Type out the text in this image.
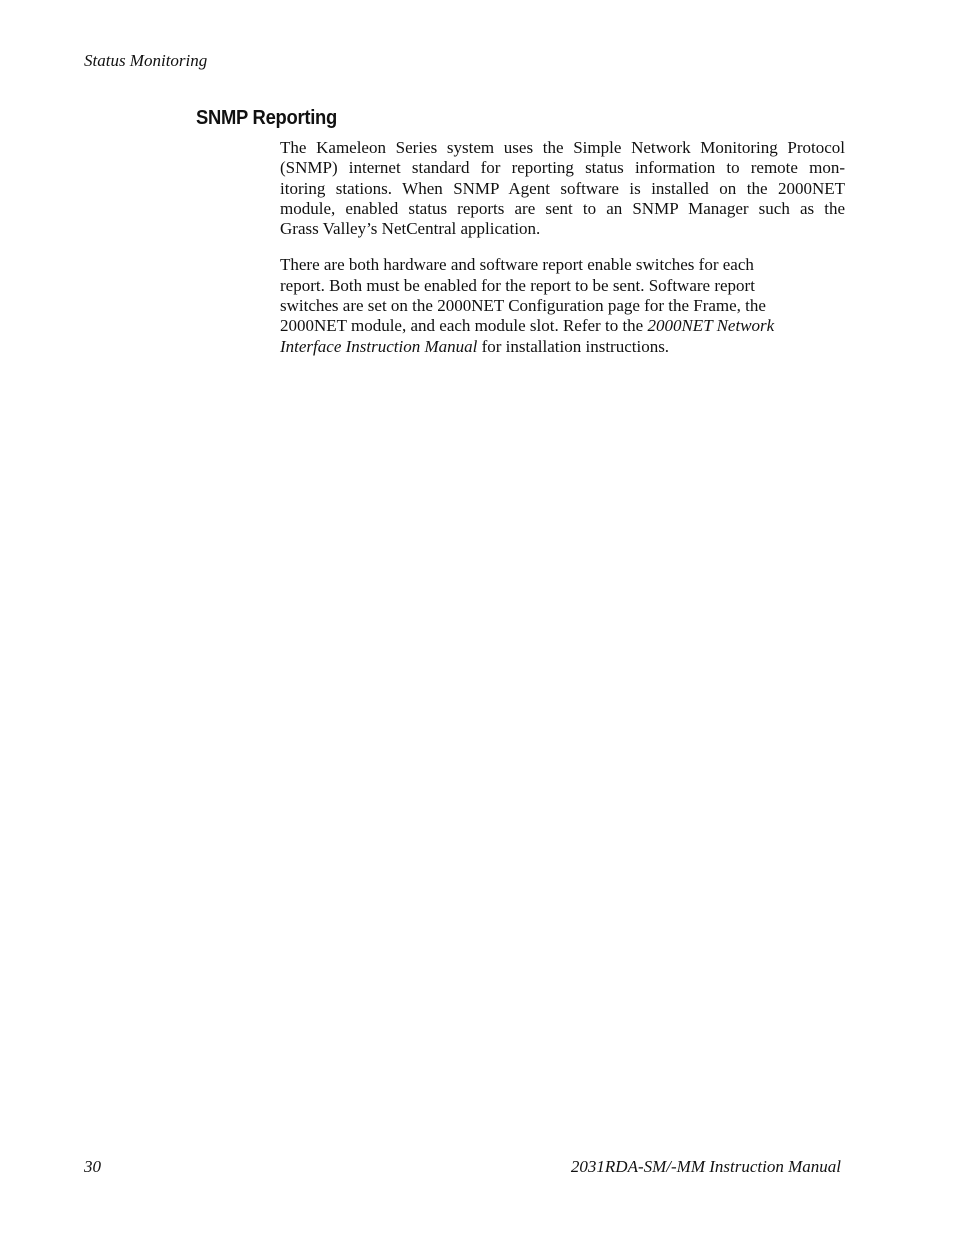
Status Monitoring
SNMP Reporting

The Kameleon Series system uses the Simple Network Monitoring Protocol
(SNMP) internet standard for reporting status information to remote mon-
itoring stations. When SNMP Agent software is installed on the 2000NET
module, enabled status reports are sent to an SNMP Manager such as the
Grass Valley’s NetCentral application.

There are both hardware and software report enable switches for each
report. Both must be enabled for the report to be sent. Software report
switches are set on the 2000NET Configuration page for the Frame, the
2000NET module, and each module slot. Refer to the 2000NET Network
Interface Instruction Manual for installation instructions.

30	2031RDA-SM/-MM Instruction Manual
